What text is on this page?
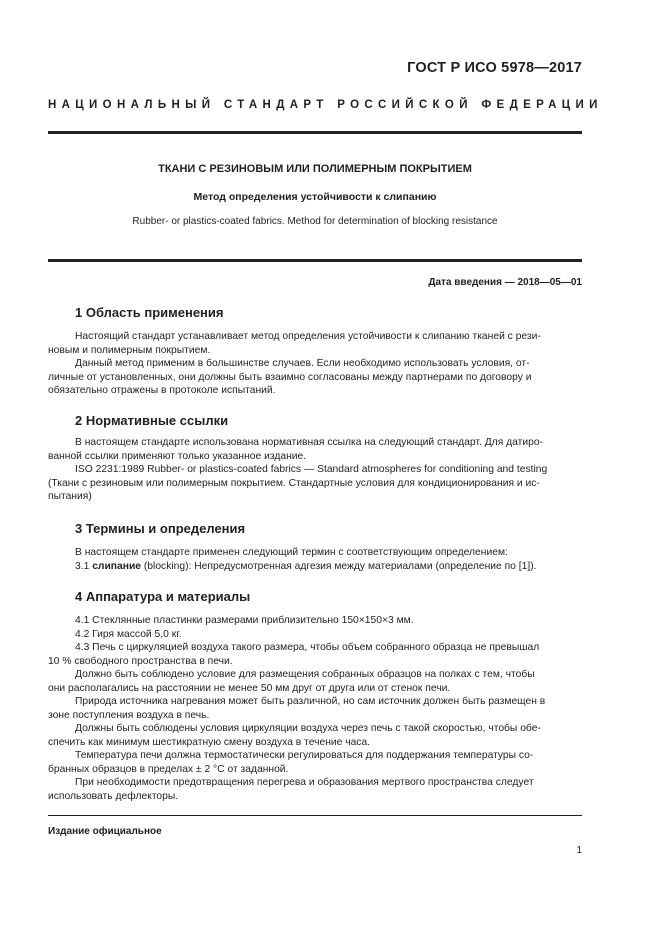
ГОСТ Р ИСО 5978—2017
НАЦИОНАЛЬНЫЙ СТАНДАРТ РОССИЙСКОЙ ФЕДЕРАЦИИ
ТКАНИ С РЕЗИНОВЫМ ИЛИ ПОЛИМЕРНЫМ ПОКРЫТИЕМ
Метод определения устойчивости к слипанию
Rubber- or plastics-coated fabrics. Method for determination of blocking resistance
Дата введения — 2018—05—01
1 Область применения
Настоящий стандарт устанавливает метод определения устойчивости к слипанию тканей с рези-
новым и полимерным покрытием.
Данный метод применим в большинстве случаев. Если необходимо использовать условия, от-
личные от установленных, они должны быть взаимно согласованы между партнерами по договору и
обязательно отражены в протоколе испытаний.
2 Нормативные ссылки
В настоящем стандарте использована нормативная ссылка на следующий стандарт. Для датиро-
ванной ссылки применяют только указанное издание.
ISO 2231:1989 Rubber- or plastics-coated fabrics — Standard atmospheres for conditioning and testing
(Ткани с резиновым или полимерным покрытием. Стандартные условия для кондиционирования и ис-
пытания)
3 Термины и определения
В настоящем стандарте применен следующий термин с соответствующим определением:
3.1 слипание (blocking): Непредусмотренная адгезия между материалами (определение по [1]).
4 Аппаратура и материалы
4.1 Стеклянные пластинки размерами приблизительно 150×150×3 мм.
4.2 Гиря массой 5,0 кг.
4.3 Печь с циркуляцией воздуха такого размера, чтобы объем собранного образца не превышал
10 % свободного пространства в печи.
Должно быть соблюдено условие для размещения собранных образцов на полках с тем, чтобы
они располагались на расстоянии не менее 50 мм друг от друга или от стенок печи.
Природа источника нагревания может быть различной, но сам источник должен быть размещен в
зоне поступления воздуха в печь.
Должны быть соблюдены условия циркуляции воздуха через печь с такой скоростью, чтобы обе-
спечить как минимум шестикратную смену воздуха в течение часа.
Температура печи должна термостатически регулироваться для поддержания температуры со-
бранных образцов в пределах ± 2 °С от заданной.
При необходимости предотвращения перегрева и образования мертвого пространства следует
использовать дефлекторы.
Издание официальное
1
